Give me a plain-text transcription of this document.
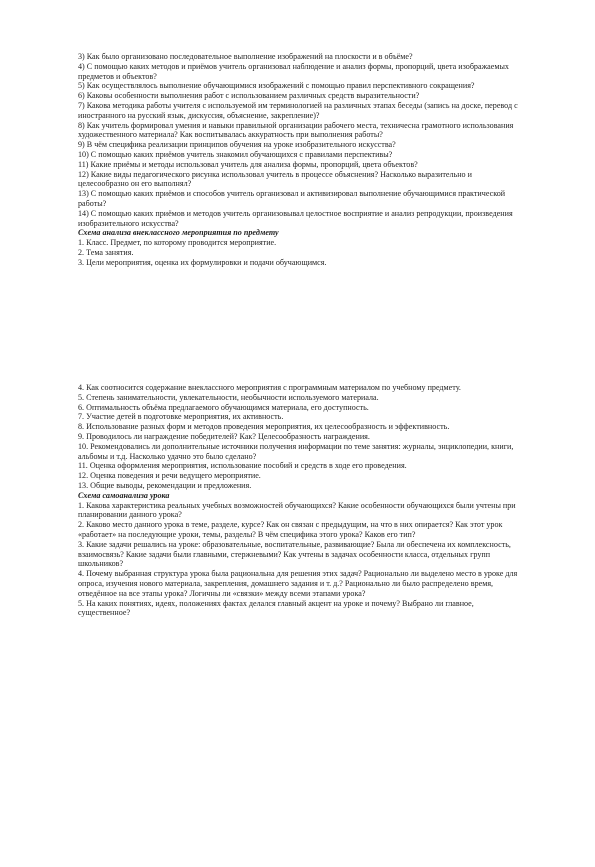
3) Как было организовано последовательное выполнение изображений на плоскости и в объёме?
4) С помощью каких методов и приёмов учитель организовал наблюдение и анализ формы, пропорций, цвета изображаемых предметов и объектов?
5) Как осуществлялось выполнение обучающимися изображений с помощью правил перспективного сокращения?
6) Каковы особенности выполнения работ с использованием различных средств выразительности?
7) Какова методика работы учителя с используемой им терминологией на различных этапах беседы (запись на доске, перевод с иностранного на русский язык, дискуссия, объяснение, закрепление)?
8) Как учитель формировал умения и навыки правильной организации рабочего места, техничесна грамотного использования художественного материала? Как воспитывалась аккуратность при выполнения работы?
9) В чём специфика реализации принципов обучения на уроке изобразительного искусства?
10) С помощью каких приёмов учитель знакомил обучающихся с правилами перспективы?
11) Какие приёмы и методы использовал учитель для анализа формы, пропорций, цвета объектов?
12) Какие виды педагогического рисунка использовал учитель в процессе объяснения? Насколько выразительно и целесообразно он его выполнял?
13) С помощью каких приёмов и способов учитель организовал и активизировал выполнение обучающимися практической работы?
14) С помощью каких приёмов и методов учитель организовывал целостное восприятие и анализ репродукции, произведения изобразительного искусства?
Схема анализа внеклассного мероприятия по предмету
1. Класс. Предмет, по которому проводится мероприятие.
2. Тема занятия.
3. Цели мероприятия, оценка их формулировки и подачи обучающимся.
4. Как соотносится содержание внеклассного мероприятия с программным материалом по учебному предмету.
5. Степень занимательности, увлекательности, необычности используемого материала.
6. Оптимальность объёма предлагаемого обучающимся материала, его доступность.
7. Участие детей в подготовке мероприятия, их активность.
8. Использование разных форм и методов проведения мероприятия, их целесообразность и эффективность.
9. Проводилось ли награждение победителей? Как? Целесообразность награждения.
10. Рекомендовались ли дополнительные источники получения информации по теме занятия: журналы, энциклопедии, книги, альбомы и т.д. Насколько удачно это было сделано?
11. Оценка оформления мероприятия, использование пособий и средств в ходе его проведения.
12. Оценка поведения и речи ведущего мероприятие.
13. Общие выводы, рекомендации и предложения.
Схема самоанализа урока
1. Какова характеристика реальных учебных возможностей обучающихся? Какие особенности обучающихся были учтены при планировании данного урока?
2. Каково место данного урока в теме, разделе, курсе? Как он связан с предыдущим, на что в них опирается? Как этот урок «работает» на последующие уроки, темы, разделы? В чём специфика этого урока? Каков его тип?
3. Какие задачи решались на уроке: образовательные, воспитательные, развивающие? Была ли обеспечена их комплексность, взаимосвязь? Какие задачи были главными, стержневыми? Как учтены в задачах особенности класса, отдельных групп школьников?
4. Почему выбранная структура урока была рациональна для решения этих задач? Рационально ли выделено место в уроке для опроса, изучения нового материала, закрепления, домашнего задания и т. д.? Рационально ли было распределено время, отведённое на все этапы урока? Логичны ли «связки» между всеми этапами урока?
5. На каких понятиях, идеях, положениях фактах делался главный акцент на уроке и почему? Выбрано ли главное, существенное?
